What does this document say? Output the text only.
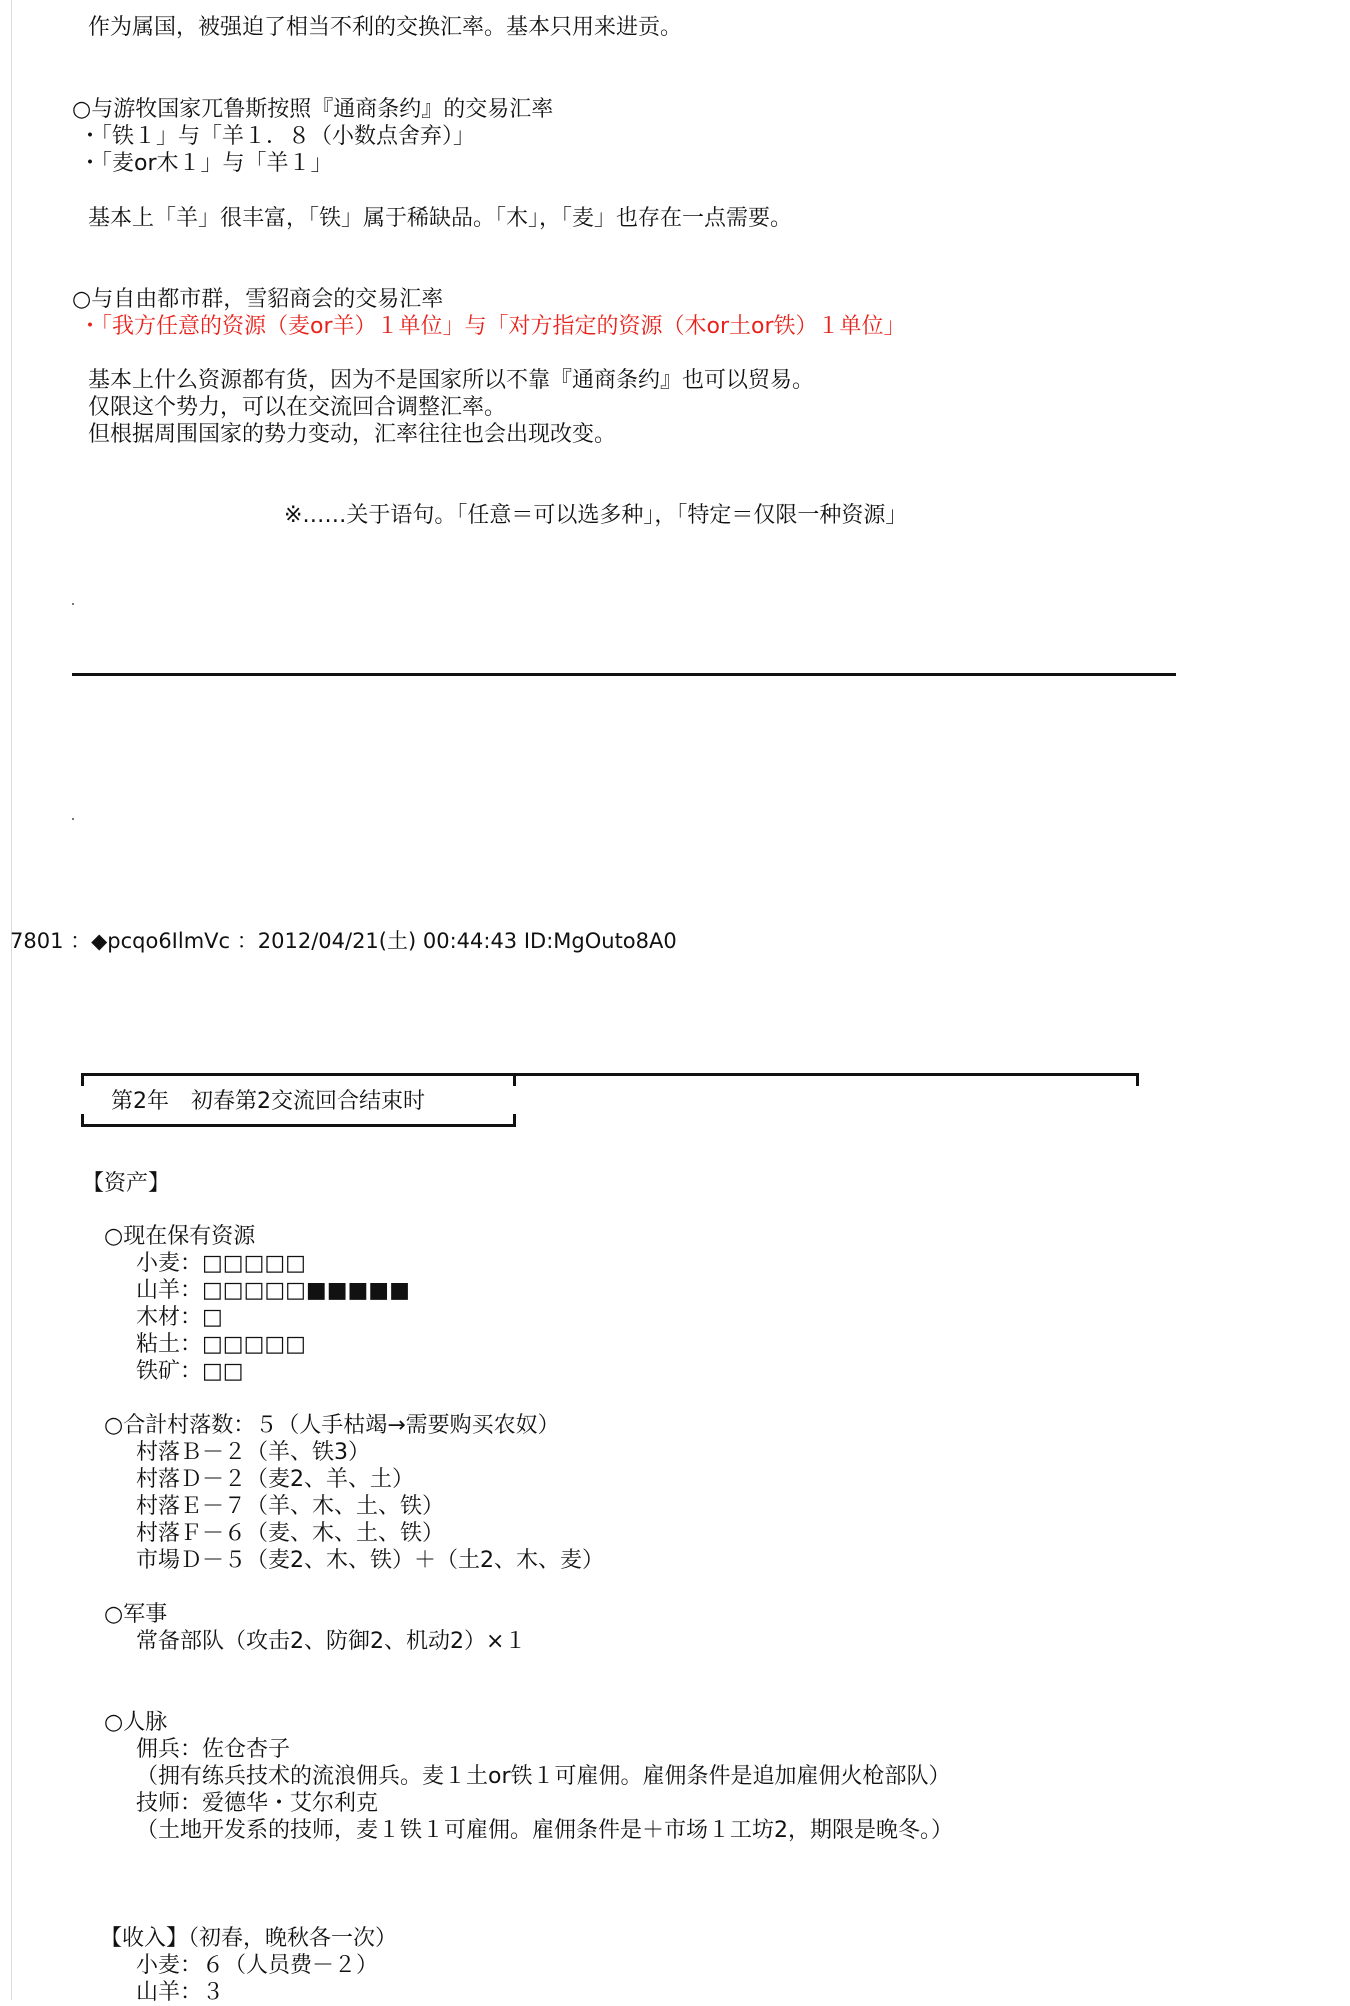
作为属国，被强迫了相当不利的交换汇率。基本只用来进贡。
○与游牧国家兀鲁斯按照『通商条约』的交易汇率
・「铁１」与「羊１．８（小数点舍弃）」
・「麦or木１」与「羊１」
基本上「羊」很丰富，「铁」属于稀缺品。「木」，「麦」也存在一点需要。
○与自由都市群，雪貂商会的交易汇率
・「我方任意的资源（麦or羊）１单位」与「对方指定的资源（木or土or铁）１单位」
基本上什么资源都有货，因为不是国家所以不靠『通商条约』也可以贸易。
仅限这个势力，可以在交流回合调整汇率。
但根据周围国家的势力变动，汇率往往也会出现改变。
※……关于语句。「任意＝可以选多种」，「特定＝仅限一种资源」
7801 ：◆pcqo6IlmVc ：2012/04/21(土) 00:44:43 ID:MgOuto8A0
第2年　初春第2交流回合结束时
【资产】
○现在保有资源
小麦：□□□□□
山羊：□□□□□■■■■■
木材：□
粘土：□□□□□
铁矿：□□
○合計村落数：５（人手枯竭→需要购买农奴）
村落Ｂ－２（羊、铁3）
村落Ｄ－２（麦2、羊、土）
村落Ｅ－７（羊、木、土、铁）
村落Ｆ－６（麦、木、土、铁）
市場Ｄ－５（麦2、木、铁）＋（土2、木、麦）
○军事
常备部队（攻击2、防御2、机动2）×１
○人脉
佣兵：佐仓杏子
（拥有练兵技术的流浪佣兵。麦１土or铁１可雇佣。雇佣条件是追加雇佣火枪部队）
技师：爱德华・艾尔利克
（土地开发系的技师，麦１铁１可雇佣。雇佣条件是＋市场１工坊2，期限是晚冬。）
【收入】（初春，晚秋各一次）
小麦：６（人员费－２）
山羊：３
